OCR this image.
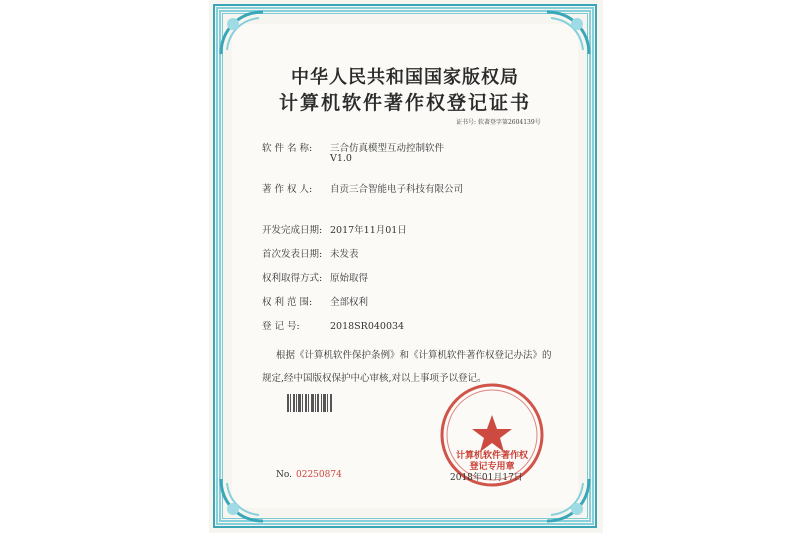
中华人民共和国国家版权局
计算机软件著作权登记证书
证书号: 软著登字第2604139号
软 件 名 称: 三合仿真模型互动控制软件
V1.0
著 作 权 人: 自贡三合智能电子科技有限公司
开发完成日期: 2017年11月01日
首次发表日期: 未发表
权利取得方式: 原始取得
权 利 范 围: 全部权利
登 记 号:	2018SR040034
根据《计算机软件保护条例》和《计算机软件著作权登记办法》的
规定,经中国版权保护中心审核,对以上事项予以登记。
计算机软件著作权
登记专用章
No. 02250874	2018年01月17日
